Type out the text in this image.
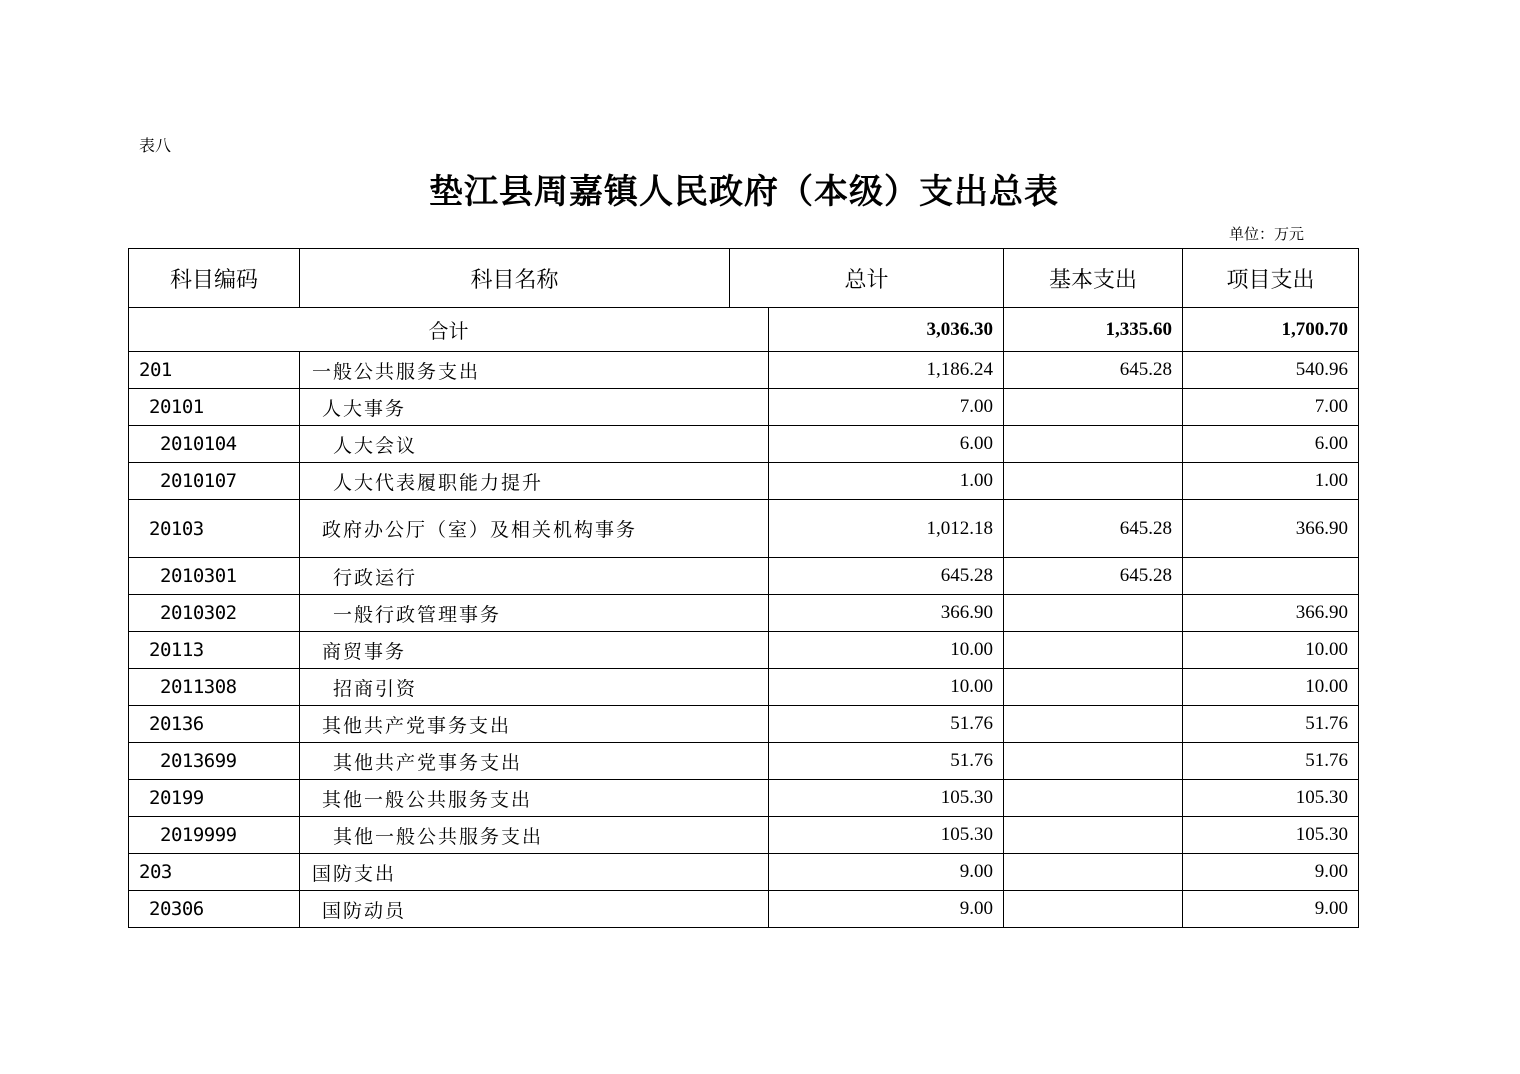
表八
垫江县周嘉镇人民政府（本级）支出总表
单位：万元
科目编码	科目名称	总计	基本支出	项目支出
合计		3,036.30	1,335.60	1,700.70
201	一般公共服务支出	1,186.24	645.28	540.96
20101	人大事务	7.00		7.00
2010104	人大会议	6.00		6.00
2010107	人大代表履职能力提升	1.00		1.00
20103	政府办公厅（室）及相关机构事务	1,012.18	645.28	366.90
2010301	行政运行	645.28	645.28	
2010302	一般行政管理事务	366.90		366.90
20113	商贸事务	10.00		10.00
2011308	招商引资	10.00		10.00
20136	其他共产党事务支出	51.76		51.76
2013699	其他共产党事务支出	51.76		51.76
20199	其他一般公共服务支出	105.30		105.30
2019999	其他一般公共服务支出	105.30		105.30
203	国防支出	9.00		9.00
20306	国防动员	9.00		9.00
